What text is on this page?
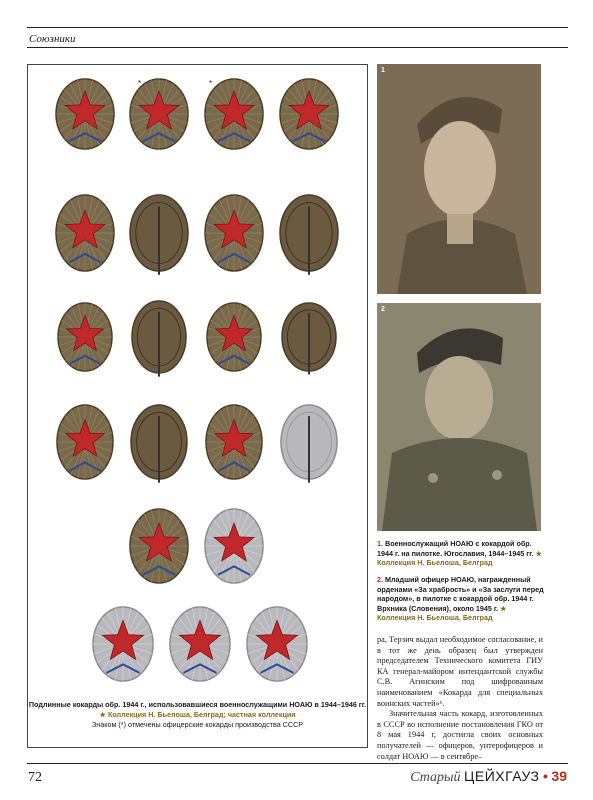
Союзники
*	*
Подлинные кокарды обр. 1944 г., использовавшиеся военнослужащими НОАЮ в 1944–1946 гг. ★ Коллекция Н. Бьелоша, Белград; частная коллекция
Знаком (*) отмечены офицерские кокарды производства СССР
1
2
1. Военнослужащий НОАЮ с кокардой обр. 1944 г. на пилотке. Югославия, 1944–1945 гг. ★ Коллекция Н. Бьелоша, Белград
2. Младший офицер НОАЮ, награжденный орденами «За храбрость» и «За заслуги перед народом», в пилотке с кокардой обр. 1944 г. Врхника (Словения), около 1945 г. ★
Коллекция Н. Бьелоша, Белград

ра, Терзич выдал необходимое согласование, и в тот же день образец был утвержден председателем Технического комитета ГИУ КА генерал-майором интендантской службы С.В. Агинским под шифрованным наименованием «Кокарда для специальных воинских частей»⁶.

Значительная часть кокард, изготовленных в СССР во исполнение постановления ГКО от 8 мая 1944 г, достигла своих основных получателей — офицеров, унтерофицеров и солдат НОАЮ — в сентябре–

72	Старый ЦЕЙХГАУЗ • 39
